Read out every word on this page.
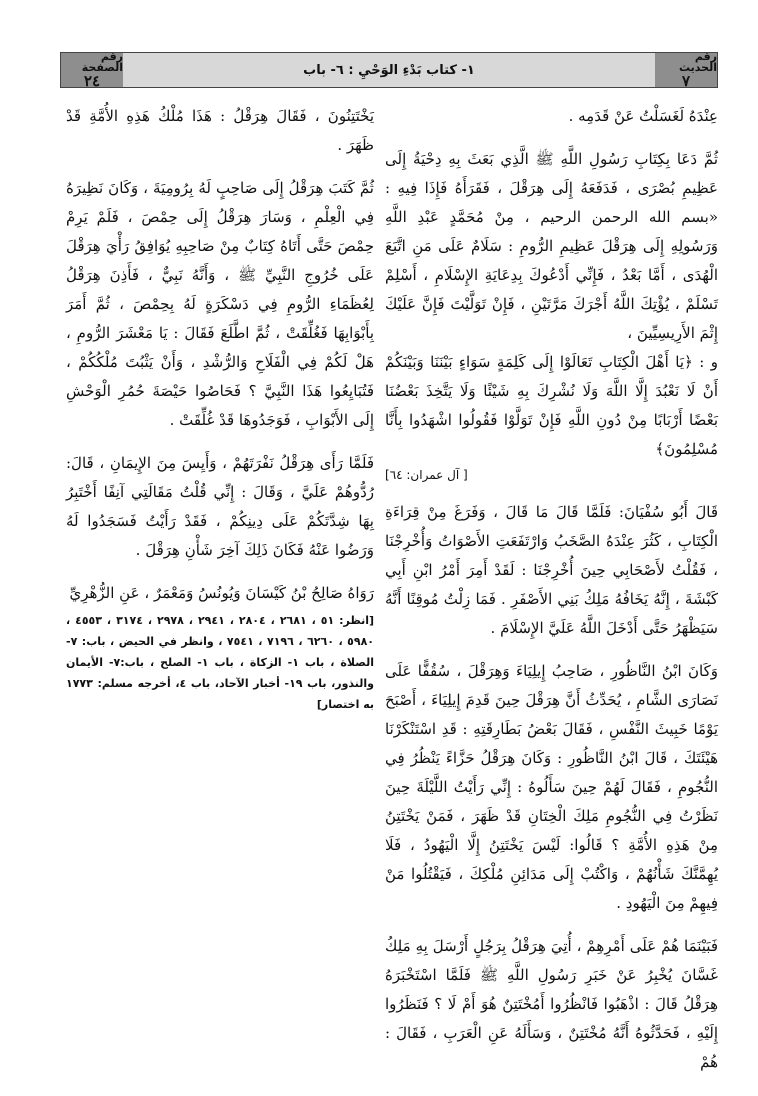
رقم الحديث
٧
١- كتاب بَدْءِ الوَحْيِ : ٦- باب
رقم الصفحة
٢٤

عِنْدَهُ لَغَسَلْتُ عَنْ قَدَمِه .

ثُمَّ دَعَا بِكِتَابِ رَسُولِ اللَّهِ ﷺ الَّذِي بَعَثَ بِهِ دِحْيَةُ إِلَى عَظِيمِ بُصْرَى ، فَدَفَعَهُ إِلَى هِرَقْلَ ، فَقَرَأَهُ فَإِذَا فِيهِ : «بسم الله الرحمن الرحيم ، مِنْ مُحَمَّدٍ عَبْدِ اللَّهِ وَرَسُولِهِ إِلَى هِرَقْلَ عَظِيمِ الرُّومِ : سَلَامٌ عَلَى مَنِ اتَّبَعَ الْهُدَى ، أَمَّا بَعْدُ ، فَإِنِّي أَدْعُوكَ بِدِعَايَةِ الإِسْلَامِ ، أَسْلِمْ تَسْلَمْ ، يُؤْتِكَ اللَّهُ أَجْرَكَ مَرَّتَيْنِ ، فَإِنْ تَوَلَّيْتَ فَإِنَّ عَلَيْكَ إِثْمَ الأَرِيسِيِّينَ ،

و : ﴿يَا أَهْلَ الْكِتَابِ تَعَالَوْا إِلَى كَلِمَةٍ سَوَاءٍ بَيْنَنَا وَبَيْنَكُمْ أَنْ لَا نَعْبُدَ إِلَّا اللَّهَ وَلَا نُشْرِكَ بِهِ شَيْئًا وَلَا يَتَّخِذَ بَعْضُنَا بَعْضًا أَرْبَابًا مِنْ دُونِ اللَّهِ فَإِنْ تَوَلَّوْا فَقُولُوا اشْهَدُوا بِأَنَّا مُسْلِمُونَ﴾

[ آل عمران: ٦٤]

قَالَ أَبُو سُفْيَانَ: فَلَمَّا قَالَ مَا قَالَ ، وَفَرَغَ مِنْ قِرَاءَةِ الْكِتَابِ ، كَثُرَ عِنْدَهُ الصَّخَبُ وَارْتَفَعَتِ الأَصْوَاتُ وَأُخْرِجْنَا ، فَقُلْتُ لأَصْحَابِي حِينَ أُخْرِجْنَا : لَقَدْ أَمِرَ أَمْرُ ابْنِ أَبِي كَبْشَةَ ، إِنَّهُ يَخَافُهُ مَلِكُ بَنِي الأَصْفَرِ . فَمَا زِلْتُ مُوقِنًا أَنَّهُ سَيَظْهَرُ حَتَّى أَدْخَلَ اللَّهُ عَلَيَّ الإِسْلَامَ .

وَكَانَ ابْنُ النَّاظُورِ ، صَاحِبُ إِيلِيَاءَ وَهِرَقْلَ ، سُقُفًّا عَلَى نَصَارَى الشَّامِ ، يُحَدِّثُ أَنَّ هِرَقْلَ حِينَ قَدِمَ إِيلِيَاءَ ، أَصْبَحَ يَوْمًا خَبِيثَ النَّفْسِ ، فَقَالَ بَعْضُ بَطَارِقَتِهِ : قَدِ اسْتَنْكَرْنَا هَيْئَتَكَ ، قَالَ ابْنُ النَّاظُورِ : وَكَانَ هِرَقْلُ حَزَّاءً يَنْظُرُ فِي النُّجُومِ ، فَقَالَ لَهُمْ حِينَ سَأَلُوهُ : إِنِّي رَأَيْتُ اللَّيْلَةَ حِينَ نَظَرْتُ فِي النُّجُومِ مَلِكَ الْخِتَانِ قَدْ ظَهَرَ ، فَمَنْ يَخْتَتِنُ مِنْ هَذِهِ الأُمَّةِ ؟ قَالُوا: لَيْسَ يَخْتَتِنُ إِلَّا الْيَهُودُ ، فَلَا يُهِمَّنَّكَ شَأْنُهُمْ ، وَاكْتُبْ إِلَى مَدَائِنِ مُلْكِكَ ، فَيَقْتُلُوا مَنْ فِيهِمْ مِنَ الْيَهُودِ .

فَبَيْنَمَا هُمْ عَلَى أَمْرِهِمْ ، أُتِيَ هِرَقْلُ بِرَجُلٍ أَرْسَلَ بِهِ مَلِكُ غَسَّانَ يُخْبِرُ عَنْ خَبَرِ رَسُولِ اللَّهِ ﷺ فَلَمَّا اسْتَخْبَرَهُ هِرَقْلُ قَالَ : اذْهَبُوا فَانْظُرُوا أَمُخْتَتِنٌ هُوَ أَمْ لَا ؟ فَنَظَرُوا إِلَيْهِ ، فَحَدَّثُوهُ أَنَّهُ مُخْتَتِنٌ ، وَسَأَلَهُ عَنِ الْعَرَبِ ، فَقَالَ : هُمْ

يَخْتَتِنُونَ ، فَقَالَ هِرَقْلُ : هَذَا مُلْكُ هَذِهِ الأُمَّةِ قَدْ ظَهَرَ .

ثُمَّ كَتَبَ هِرَقْلُ إِلَى صَاحِبٍ لَهُ بِرُومِيَةَ ، وَكَانَ نَظِيرَهُ فِي الْعِلْمِ ، وَسَارَ هِرَقْلُ إِلَى حِمْصَ ، فَلَمْ يَرِمْ حِمْصَ حَتَّى أَتَاهُ كِتَابٌ مِنْ صَاحِبِهِ يُوَافِقُ رَأْيَ هِرَقْلَ عَلَى خُرُوجِ النَّبِيِّ ﷺ ، وَأَنَّهُ نَبِيٌّ ، فَأَذِنَ هِرَقْلُ لِعُظَمَاءِ الرُّومِ فِي دَسْكَرَةٍ لَهُ بِحِمْصَ ، ثُمَّ أَمَرَ بِأَبْوَابِهَا فَغُلِّقَتْ ، ثُمَّ اطَّلَعَ فَقَالَ : يَا مَعْشَرَ الرُّومِ ، هَلْ لَكُمْ فِي الْفَلَاحِ وَالرُّشْدِ ، وَأَنْ يَثْبُتَ مُلْكُكُمْ ، فَتُبَايِعُوا هَذَا النَّبِيَّ ؟ فَحَاصُوا حَيْصَةَ حُمُرِ الْوَحْشِ إِلَى الأَبْوَابِ ، فَوَجَدُوهَا قَدْ غُلِّقَتْ .

فَلَمَّا رَأَى هِرَقْلُ نَفْرَتَهُمْ ، وَأَيِسَ مِنَ الإِيمَانِ ، قَالَ: رُدُّوهُمْ عَلَيَّ ، وَقَالَ : إِنِّي قُلْتُ مَقَالَتِي آنِفًا أَخْتَبِرُ بِهَا شِدَّتَكُمْ عَلَى دِينِكُمْ ، فَقَدْ رَأَيْتُ فَسَجَدُوا لَهُ وَرَضُوا عَنْهُ فَكَانَ ذَلِكَ آخِرَ شَأْنِ هِرَقْلَ .

رَوَاهُ صَالِحُ بْنُ كَيْسَانَ وَيُونُسُ وَمَعْمَرٌ ، عَنِ الزُّهْرِيِّ

[انظر: ٥١ ، ٢٦٨١ ، ٢٨٠٤ ، ٢٩٤١ ، ٢٩٧٨ ، ٣١٧٤ ، ٤٥٥٣ ، ٥٩٨٠ ، ٦٢٦٠ ، ٧١٩٦ ، ٧٥٤١ ، وانظر في الحيض ، باب: ٧- الصلاة ، باب ١- الزكاة ، باب ١- الصلح ، باب:٧- الأيمان والنذور، باب ١٩- أخبار الآحاد، باب ٤، أخرجه مسلم: ١٧٧٣ به اختصار]
